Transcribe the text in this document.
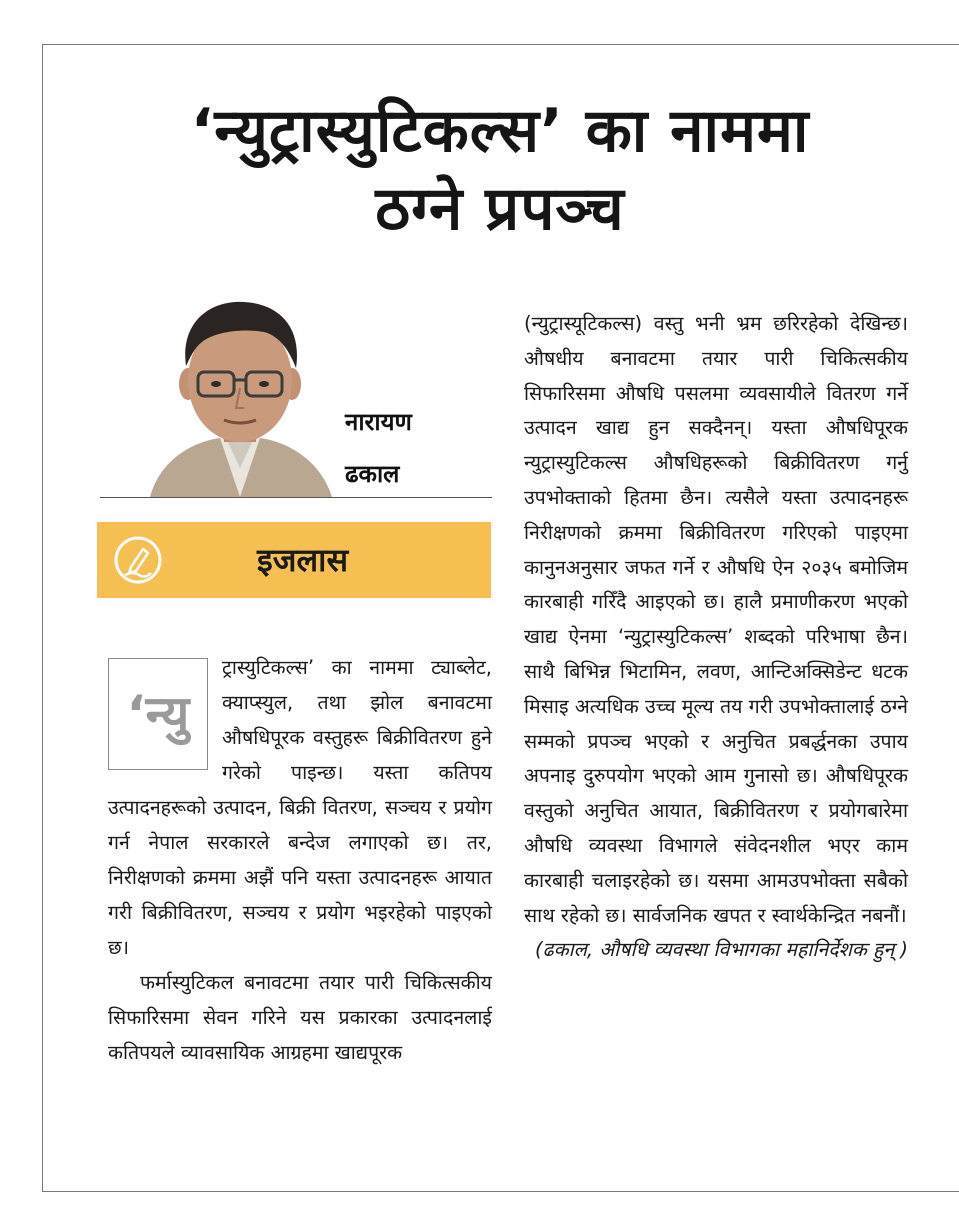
‘न्युट्रास्युटिकल्स’ का नाममा
ठग्ने प्रपञ्च
नारायण
ढकाल
इजलास

‘न्यु
ट्रास्युटिकल्स’ का नाममा ट्याब्लेट, क्याप्स्युल, तथा झोल बनावटमा औषधिपूरक वस्तुहरू बिक्रीवितरण हुने गरेको पाइन्छ। यस्ता कतिपय उत्पादनहरूको उत्पादन, बिक्री वितरण, सञ्चय र प्रयोग गर्न नेपाल सरकारले बन्देज लगाएको छ। तर, निरीक्षणको क्रममा अझैं पनि यस्ता उत्पादनहरू आयात गरी बिक्रीवितरण, सञ्चय र प्रयोग भइरहेको पाइएको छ।

फर्मास्युटिकल बनावटमा तयार पारी चिकित्सकीय सिफारिसमा सेवन गरिने यस प्रकारका उत्पादनलाई कतिपयले व्यावसायिक आग्रहमा खाद्यपूरक

(न्युट्रास्यूटिकल्स) वस्तु भनी भ्रम छरिरहेको देखिन्छ। औषधीय बनावटमा तयार पारी चिकित्सकीय सिफारिसमा औषधि पसलमा व्यवसायीले वितरण गर्ने उत्पादन खाद्य हुन सक्दैनन्। यस्ता औषधिपूरक न्युट्रास्युटिकल्स औषधिहरूको बिक्रीवितरण गर्नु उपभोक्ताको हितमा छैन। त्यसैले यस्ता उत्पादनहरू निरीक्षणको क्रममा बिक्रीवितरण गरिएको पाइएमा कानुनअनुसार जफत गर्ने र औषधि ऐन २०३५ बमोजिम कारबाही गरिँदै आइएको छ। हालै प्रमाणीकरण भएको खाद्य ऐनमा ‘न्युट्रास्युटिकल्स’ शब्दको परिभाषा छैन। साथै बिभिन्न भिटामिन, लवण, आन्टिअक्सिडेन्ट धटक मिसाइ अत्यधिक उच्च मूल्य तय गरी उपभोक्तालाई ठग्ने सम्मको प्रपञ्च भएको र अनुचित प्रबर्द्धनका उपाय अपनाइ दुरुपयोग भएको आम गुनासो छ। औषधिपूरक वस्तुको अनुचित आयात, बिक्रीवितरण र प्रयोगबारेमा औषधि व्यवस्था विभागले संवेदनशील भएर काम कारबाही चलाइरहेको छ। यसमा आमउपभोक्ता सबैको साथ रहेको छ। सार्वजनिक खपत र स्वार्थकेन्द्रित नबनौं।

(ढकाल, औषधि व्यवस्था विभागका महानिर्देशक हुन् )
